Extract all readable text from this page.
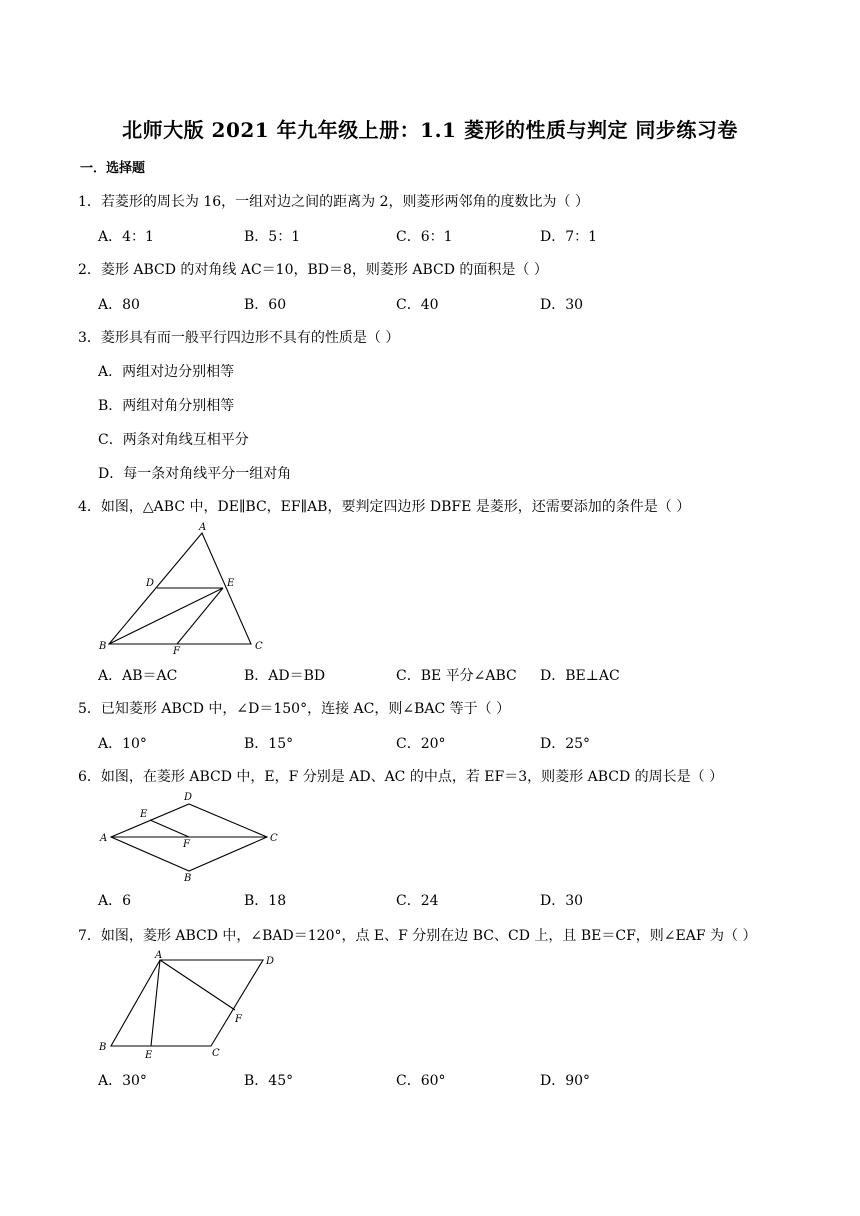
北师大版 2021 年九年级上册：1.1 菱形的性质与判定 同步练习卷
一．选择题
1．若菱形的周长为 16，一组对边之间的距离为 2，则菱形两邻角的度数比为（ ）
A．4：1	B．5：1	C．6：1	D．7：1
2．菱形 ABCD 的对角线 AC＝10，BD＝8，则菱形 ABCD 的面积是（ ）
A．80	B．60	C．40	D．30
3．菱形具有而一般平行四边形不具有的性质是（ ）
A．两组对边分别相等
B．两组对角分别相等
C．两条对角线互相平分
D．每一条对角线平分一组对角
4．如图，△ABC 中，DE∥BC，EF∥AB，要判定四边形 DBFE 是菱形，还需要添加的条件是（ ）
A
D	E
B	F	C
A．AB＝AC	B．AD＝BD	C．BE 平分∠ABC D．BE⊥AC
5．已知菱形 ABCD 中，∠D＝150°，连接 AC，则∠BAC 等于（ ）
A．10°	B．15°	C．20°	D．25°
6．如图，在菱形 ABCD 中，E，F 分别是 AD、AC 的中点，若 EF＝3，则菱形 ABCD 的周长是（ ）
D
E
A
F
C
B
A．6	B．18	C．24	D．30
7．如图，菱形 ABCD 中，∠BAD＝120°，点 E、F 分别在边 BC、CD 上，且 BE＝CF，则∠EAF 为（ ）
A
D
F
B
E	C
A．30°	B．45°	C．60°	D．90°
